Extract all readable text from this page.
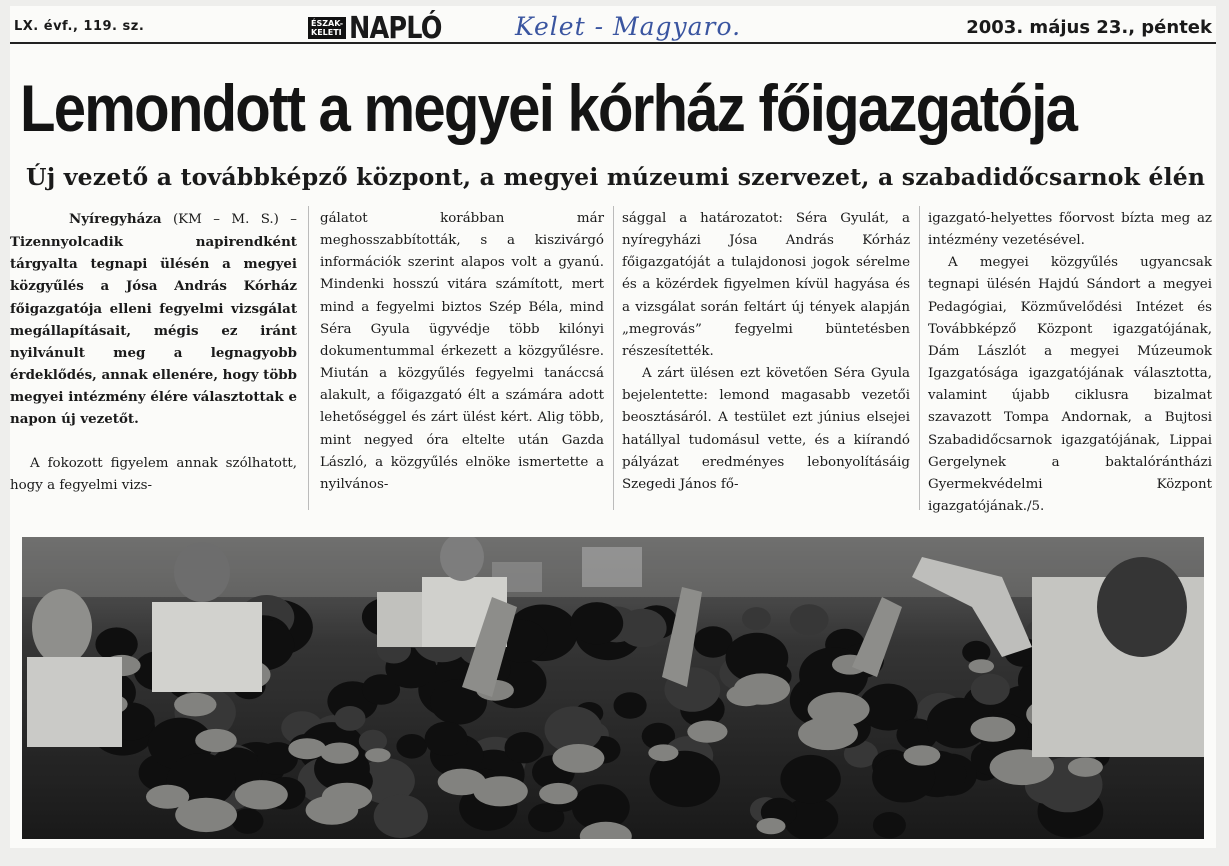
LX. évf., 119. sz.	ÉSZAK-
KELETI NAPLÓ	Kelet - Magyaro.	2003. május 23., péntek
Lemondott a megyei kórház főigazgatója
Új vezető a továbbképző központ, a megyei múzeumi szervezet, a szabadidőcsarnok élén

Nyíregyháza (KM – M. S.) – Tizennyolcadik napirendként tárgyalta tegnapi ülésén a megyei közgyűlés a Jósa András Kórház főigazgatója elleni fegyelmi vizsgálat megállapításait, mégis ez iránt nyilvánult meg a legnagyobb érdeklődés, annak ellenére, hogy több megyei intézmény élére választottak e napon új vezetőt.

A fokozott figyelem annak szólhatott, hogy a fegyelmi vizs-

gálatot korábban már meghosszabbították, s a kiszivárgó információk szerint alapos volt a gyanú. Mindenki hosszú vitára számított, mert mind a fegyelmi biztos Szép Béla, mind Séra Gyula ügyvédje több kilónyi dokumentummal érkezett a közgyűlésre. Miután a közgyűlés fegyelmi tanáccsá alakult, a főigazgató élt a számára adott lehetőséggel és zárt ülést kért. Alig több, mint negyed óra elteltе után Gazda László, a közgyűlés elnöke ismertette a nyilvános-

sággal a határozatot: Séra Gyulát, a nyíregyházi Jósa András Kórház főigazgatóját a tulajdonosi jogok sérelme és a közérdek figyelmen kívül hagyása és a vizsgálat során feltárt új tények alapján „megrovás” fegyelmi büntetésben részesítették.

A zárt ülésen ezt követően Séra Gyula bejelentette: lemond magasabb vezetői beosztásáról. A testület ezt június elsejei hatállyal tudomásul vette, és a kiírandó pályázat eredményes lebonyolításáig Szegedi János fő-

igazgató-helyettes főorvost bízta meg az intézmény vezetésével.

A megyei közgyűlés ugyancsak tegnapi ülésén Hajdú Sándort a megyei Pedagógiai, Közművelődési Intézet és Továbbképző Központ igazgatójának, Dám Lászlót a megyei Múzeumok Igazgatósága igazgatójának választotta, valamint újabb ciklusra bizalmat szavazott Tompa Andornak, a Bujtosi Szabadidőcsarnok igazgatójának, Lippai Gergelynek a baktalórántházi Gyermekvédelmi Központ igazgatójának./5.
